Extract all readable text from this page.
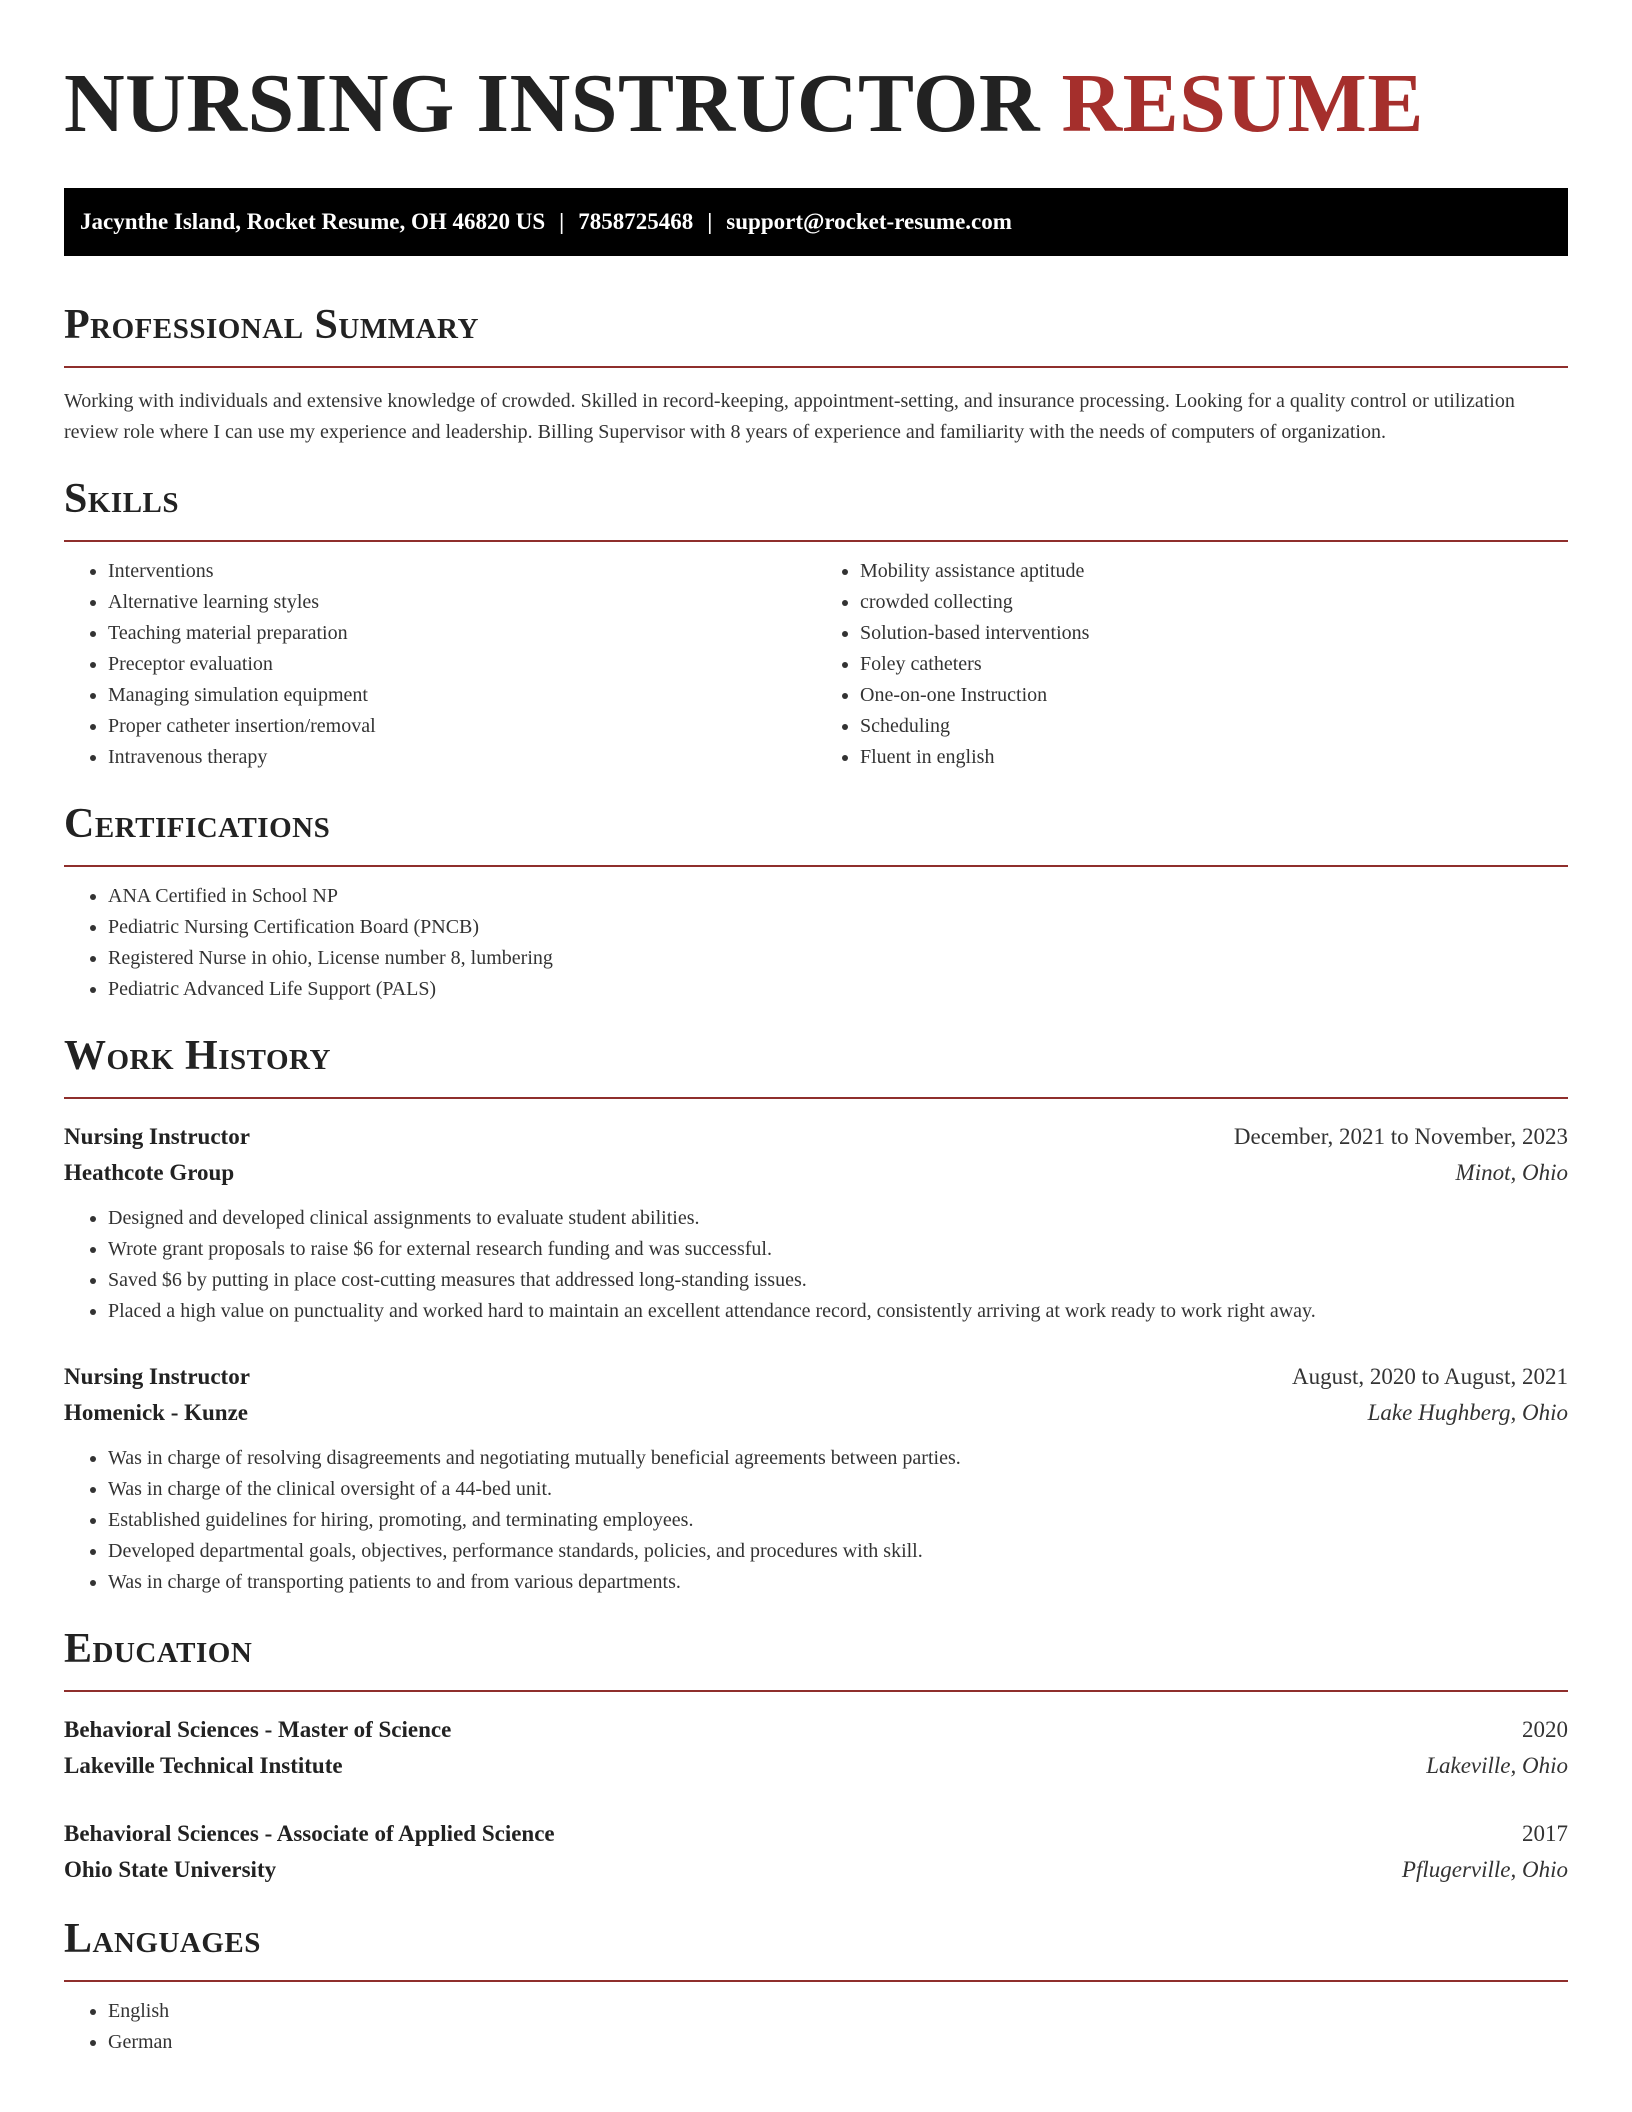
NURSING INSTRUCTOR RESUME
Jacynthe Island, Rocket Resume, OH 46820 US | 7858725468 | support@rocket-resume.com
Professional Summary

Working with individuals and extensive knowledge of crowded. Skilled in record-keeping, appointment-setting, and insurance processing. Looking for a quality control or utilization review role where I can use my experience and leadership. Billing Supervisor with 8 years of experience and familiarity with the needs of computers of organization.

Skills
• Interventions
• Alternative learning styles
• Teaching material preparation
• Preceptor evaluation
• Managing simulation equipment
• Proper catheter insertion/removal
• Intravenous therapy
• Mobility assistance aptitude
• crowded collecting
• Solution-based interventions
• Foley catheters
• One-on-one Instruction
• Scheduling
• Fluent in english
Certifications
• ANA Certified in School NP
• Pediatric Nursing Certification Board (PNCB)
• Registered Nurse in ohio, License number 8, lumbering
• Pediatric Advanced Life Support (PALS)
Work History
Nursing Instructor	December, 2021 to November, 2023
Heathcote Group	Minot, Ohio
• Designed and developed clinical assignments to evaluate student abilities.
• Wrote grant proposals to raise $6 for external research funding and was successful.
• Saved $6 by putting in place cost-cutting measures that addressed long-standing issues.
• Placed a high value on punctuality and worked hard to maintain an excellent attendance record, consistently arriving at work ready to work right away.
Nursing Instructor	August, 2020 to August, 2021
Homenick - Kunze	Lake Hughberg, Ohio
• Was in charge of resolving disagreements and negotiating mutually beneficial agreements between parties.
• Was in charge of the clinical oversight of a 44-bed unit.
• Established guidelines for hiring, promoting, and terminating employees.
• Developed departmental goals, objectives, performance standards, policies, and procedures with skill.
• Was in charge of transporting patients to and from various departments.
Education
Behavioral Sciences - Master of Science	2020
Lakeville Technical Institute	Lakeville, Ohio
Behavioral Sciences - Associate of Applied Science	2017
Ohio State University	Pflugerville, Ohio
Languages
• English
• German
